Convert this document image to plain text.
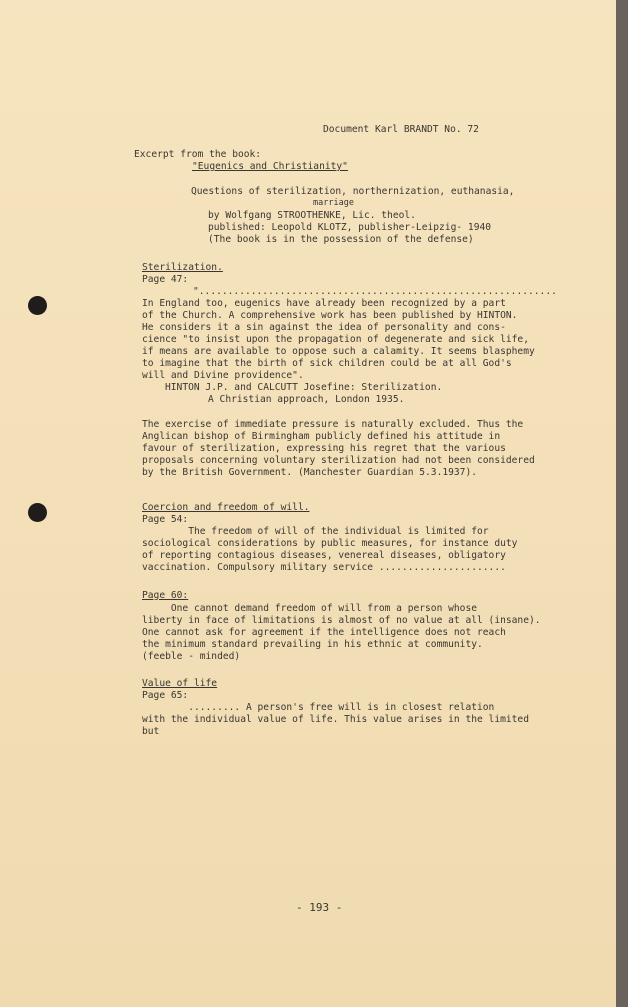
Document Karl BRANDT No. 72

Excerpt from the book:

"Eugenics and Christianity"

Questions of sterilization, northernization, euthanasia,

marriage

by Wolfgang STROOTHENKE, Lic. theol.

published: Leopold KLOTZ, publisher-Leipzig- 1940

(The book is in the possession of the defense)

Sterilization.

Page 47:

"..............................................................

In England too, eugenics have already been recognized by a part

of the Church. A comprehensive work has been published by HINTON.

He considers it a sin against the idea of personality and cons-

cience "to insist upon the propagation of degenerate and sick life,

if means are available to oppose such a calamity. It seems blasphemy

to imagine that the birth of sick children could be at all God's

will and Divine providence".

HINTON J.P. and CALCUTT Josefine: Sterilization.

A Christian approach, London 1935.

The exercise of immediate pressure is naturally excluded. Thus the

Anglican bishop of Birmingham publicly defined his attitude in

favour of sterilization, expressing his regret that the various

proposals concerning voluntary sterilization had not been considered

by the British Government. (Manchester Guardian 5.3.1937).

Coercion and freedom of will.

Page 54:

The freedom of will of the individual is limited for

sociological considerations by public measures, for instance duty

of reporting contagious diseases, venereal diseases, obligatory

vaccination. Compulsory military service ......................

Page 60:

One cannot demand freedom of will from a person whose

liberty in face of limitations is almost of no value at all (insane).

One cannot ask for agreement if the intelligence does not reach

the minimum standard prevailing in his ethnic at community.

(feeble - minded)

Value of life

Page 65:

......... A person's free will is in closest relation

with the individual value of life. This value arises in the limited

but

- 193 -
